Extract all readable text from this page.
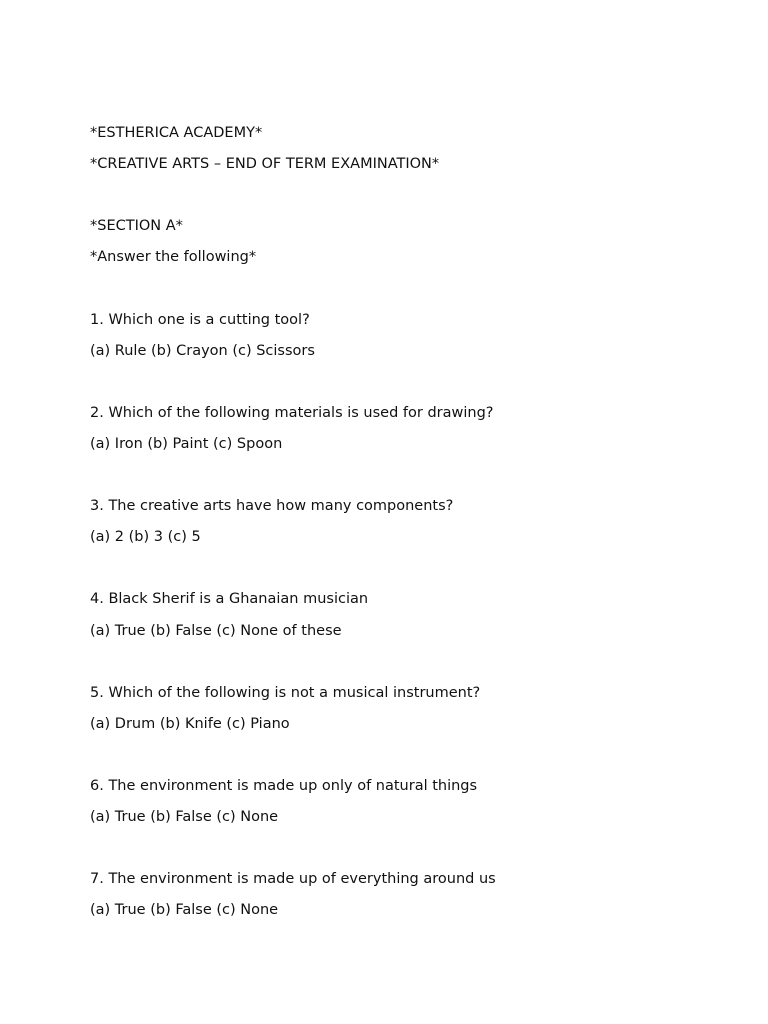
*ESTHERICA ACADEMY*
*CREATIVE ARTS – END OF TERM EXAMINATION*
*SECTION A*
*Answer the following*
1. Which one is a cutting tool?
(a) Rule (b) Crayon (c) Scissors
2. Which of the following materials is used for drawing?
(a) Iron (b) Paint (c) Spoon
3. The creative arts have how many components?
(a) 2 (b) 3 (c) 5
4. Black Sherif is a Ghanaian musician
(a) True (b) False (c) None of these
5. Which of the following is not a musical instrument?
(a) Drum (b) Knife (c) Piano
6. The environment is made up only of natural things
(a) True (b) False (c) None
7. The environment is made up of everything around us
(a) True (b) False (c) None
